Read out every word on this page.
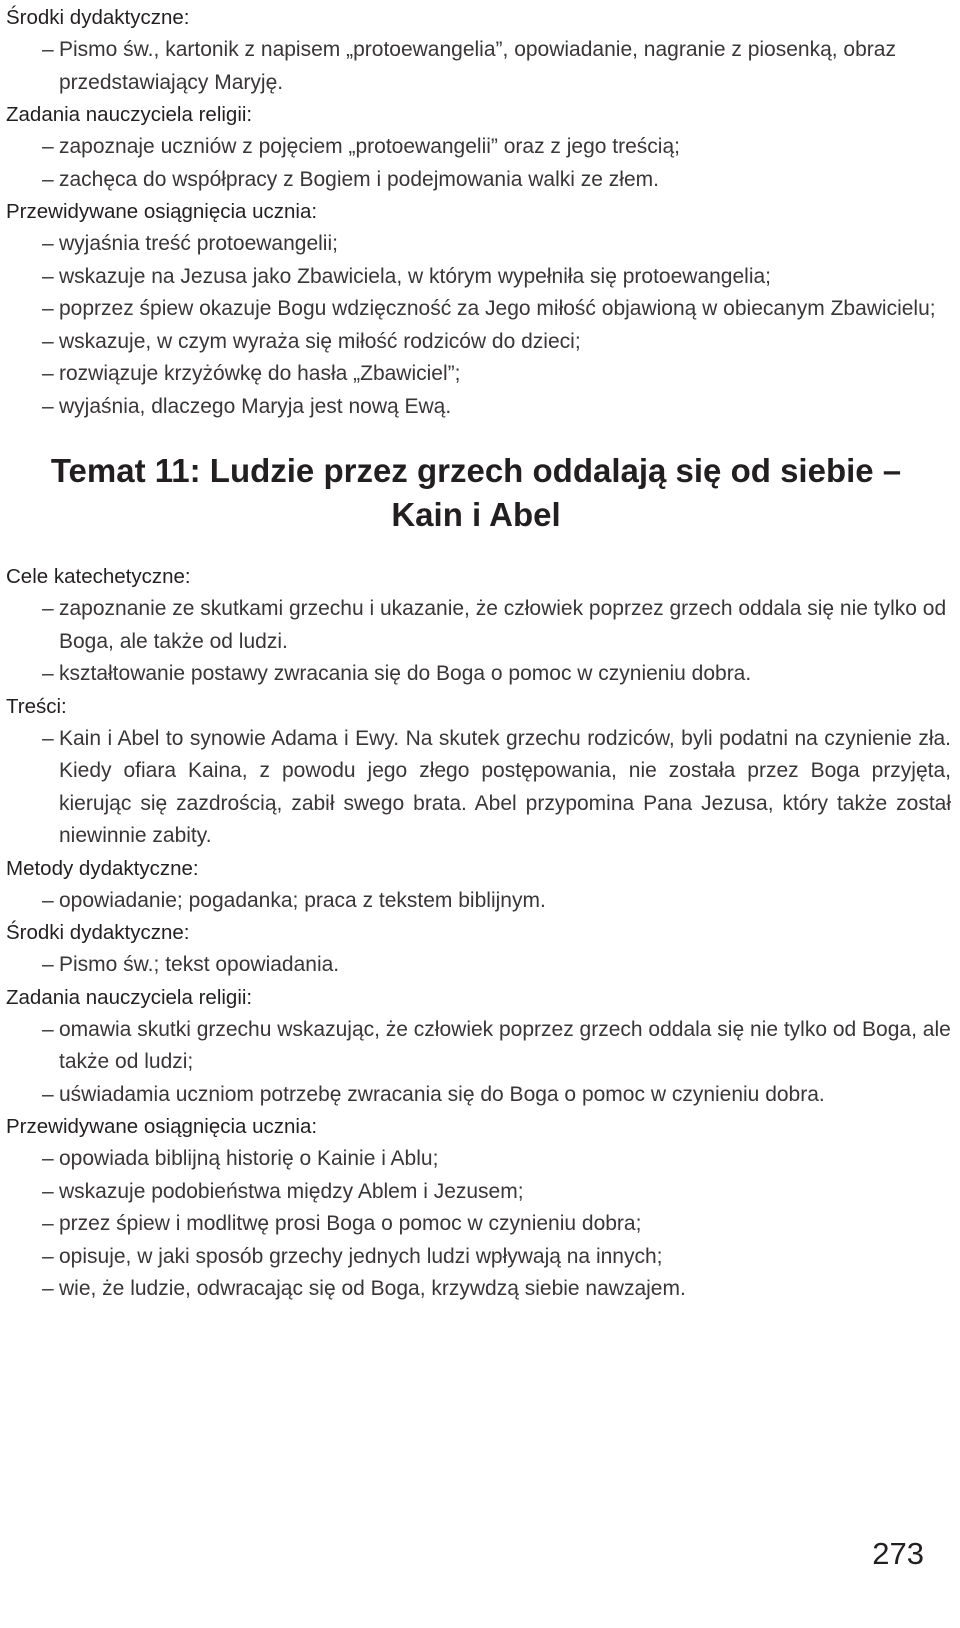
Środki dydaktyczne:
– Pismo św., kartonik z napisem „protoewangelia”, opowiadanie, nagranie z piosenką, obraz przedstawiający Maryję.
Zadania nauczyciela religii:
– zapoznaje uczniów z pojęciem „protoewangelii” oraz z jego treścią;
– zachęca do współpracy z Bogiem i podejmowania walki ze złem.
Przewidywane osiągnięcia ucznia:
– wyjaśnia treść protoewangelii;
– wskazuje na Jezusa jako Zbawiciela, w którym wypełniła się protoewangelia;
– poprzez śpiew okazuje Bogu wdzięczność za Jego miłość objawioną w obiecanym Zbawicielu;
– wskazuje, w czym wyraża się miłość rodziców do dzieci;
– rozwiązuje krzyżówkę do hasła „Zbawiciel”;
– wyjaśnia, dlaczego Maryja jest nową Ewą.
Temat 11: Ludzie przez grzech oddalają się od siebie –
Kain i Abel
Cele katechetyczne:
– zapoznanie ze skutkami grzechu i ukazanie, że człowiek poprzez grzech oddala się nie tylko od Boga, ale także od ludzi.
– kształtowanie postawy zwracania się do Boga o pomoc w czynieniu dobra.
Treści:
– Kain i Abel to synowie Adama i Ewy. Na skutek grzechu rodziców, byli podatni na czynienie zła. Kiedy ofiara Kaina, z powodu jego złego postępowania, nie została przez Boga przyjęta, kierując się zazdrością, zabił swego brata. Abel przypomina Pana Jezusa, który także został niewinnie zabity.
Metody dydaktyczne:
– opowiadanie; pogadanka; praca z tekstem biblijnym.
Środki dydaktyczne:
– Pismo św.; tekst opowiadania.
Zadania nauczyciela religii:
– omawia skutki grzechu wskazując, że człowiek poprzez grzech oddala się nie tylko od Boga, ale także od ludzi;
– uświadamia uczniom potrzebę zwracania się do Boga o pomoc w czynieniu dobra.
Przewidywane osiągnięcia ucznia:
– opowiada biblijną historię o Kainie i Ablu;
– wskazuje podobieństwa między Ablem i Jezusem;
– przez śpiew i modlitwę prosi Boga o pomoc w czynieniu dobra;
– opisuje, w jaki sposób grzechy jednych ludzi wpływają na innych;
– wie, że ludzie, odwracając się od Boga, krzywdzą siebie nawzajem.
273
